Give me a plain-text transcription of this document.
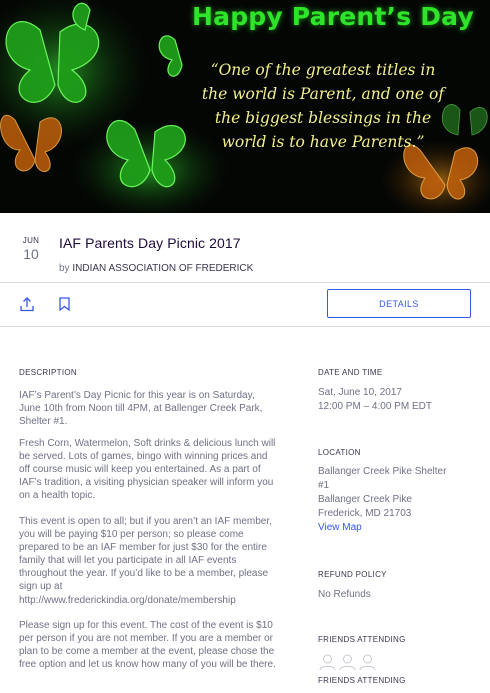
Happy Parent’s Day
“One of the greatest titles in the world is Parent, and one of the biggest blessings in the world is to have Parents.”
JUN
10
IAF Parents Day Picnic 2017
by INDIAN ASSOCIATION OF FREDERICK
DETAILS
DESCRIPTION

IAF’s Parent’s Day Picnic for this year is on Saturday, June 10th from Noon till 4PM, at Ballenger Creek Park, Shelter #1.

Fresh Corn, Watermelon, Soft drinks & delicious lunch will be served. Lots of games, bingo with winning prices and off course music will keep you entertained. As a part of IAF’s tradition, a visiting physician speaker will inform you on a health topic.

This event is open to all; but if you aren’t an IAF member, you will be paying $10 per person; so please come prepared to be an IAF member for just $30 for the entire family that will let you participate in all IAF events throughout the year. If you’d like to be a member, please sign up at http://www.frederickindia.org/donate/membership

Please sign up for this event. The cost of the event is $10 per person if you are not member. If you are a member or plan to be come a member at the event, please chose the free option and let us know how many of you will be there.

DATE AND TIME
Sat, June 10, 2017
12:00 PM – 4:00 PM EDT
LOCATION
Ballanger Creek Pike Shelter
#1
Ballanger Creek Pike
Frederick, MD 21703
View Map
REFUND POLICY
No Refunds
FRIENDS ATTENDING
FRIENDS ATTENDING
